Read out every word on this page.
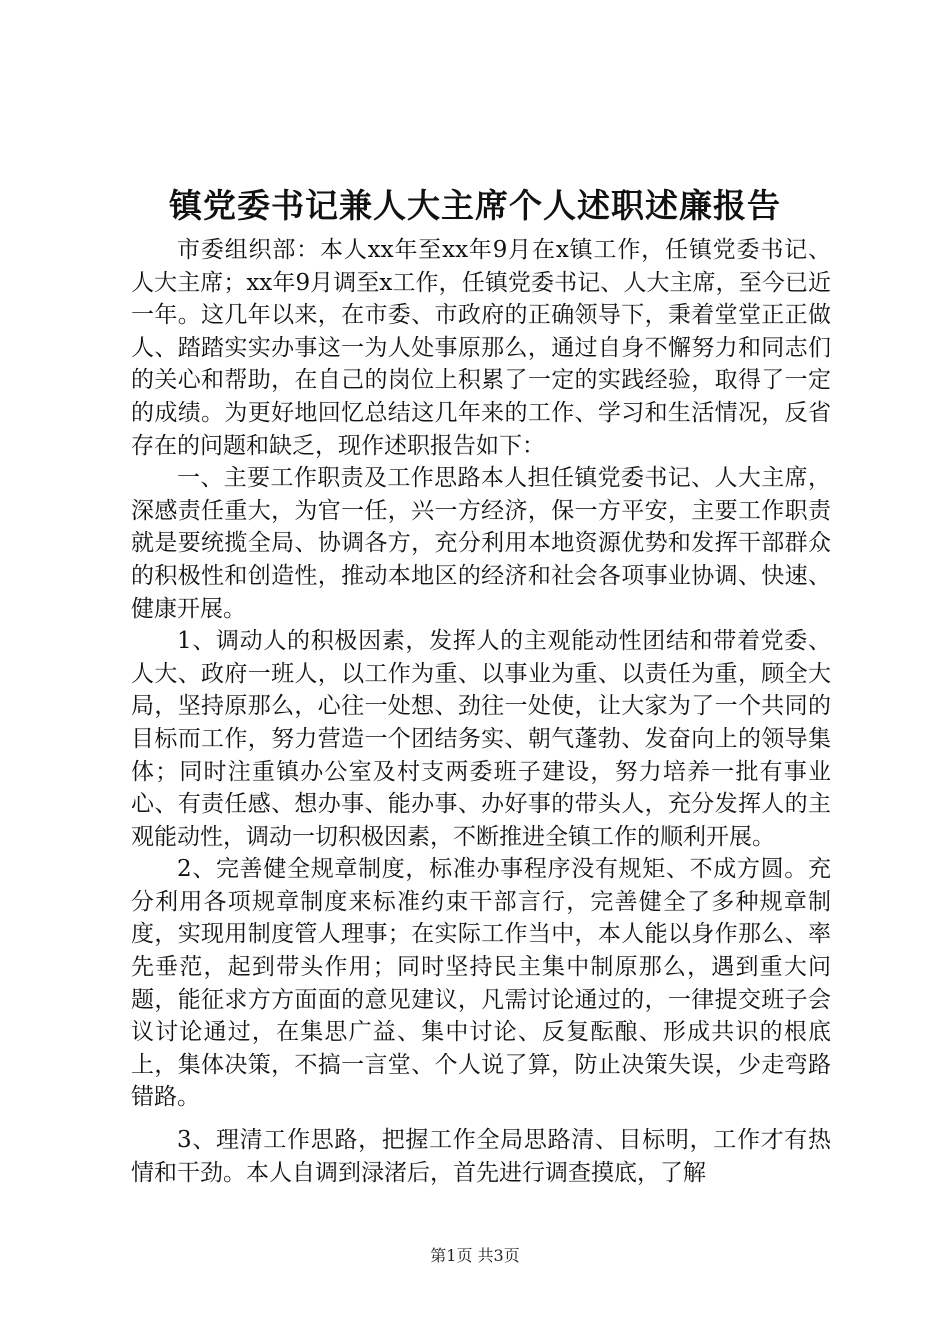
镇党委书记兼人大主席个人述职述廉报告

市委组织部：本人xx年至xx年9月在x镇工作，任镇党委书记、人大主席；xx年9月调至x工作，任镇党委书记、人大主席，至今已近一年。这几年以来，在市委、市政府的正确领导下，秉着堂堂正正做人、踏踏实实办事这一为人处事原那么，通过自身不懈努力和同志们的关心和帮助，在自己的岗位上积累了一定的实践经验，取得了一定的成绩。为更好地回忆总结这几年来的工作、学习和生活情况，反省存在的问题和缺乏，现作述职报告如下：

一、主要工作职责及工作思路本人担任镇党委书记、人大主席，深感责任重大，为官一任，兴一方经济，保一方平安，主要工作职责就是要统揽全局、协调各方，充分利用本地资源优势和发挥干部群众的积极性和创造性，推动本地区的经济和社会各项事业协调、快速、健康开展。

1、调动人的积极因素，发挥人的主观能动性团结和带着党委、人大、政府一班人，以工作为重、以事业为重、以责任为重，顾全大局，坚持原那么，心往一处想、劲往一处使，让大家为了一个共同的目标而工作，努力营造一个团结务实、朝气蓬勃、发奋向上的领导集体；同时注重镇办公室及村支两委班子建设，努力培养一批有事业心、有责任感、想办事、能办事、办好事的带头人，充分发挥人的主观能动性，调动一切积极因素，不断推进全镇工作的顺利开展。

2、完善健全规章制度，标准办事程序没有规矩、不成方圆。充分利用各项规章制度来标准约束干部言行，完善健全了多种规章制度，实现用制度管人理事；在实际工作当中，本人能以身作那么、率先垂范，起到带头作用；同时坚持民主集中制原那么，遇到重大问题，能征求方方面面的意见建议，凡需讨论通过的，一律提交班子会议讨论通过，在集思广益、集中讨论、反复酝酿、形成共识的根底上，集体决策，不搞一言堂、个人说了算，防止决策失误，少走弯路错路。

3、理清工作思路，把握工作全局思路清、目标明，工作才有热情和干劲。本人自调到渌渚后，首先进行调查摸底，了解

第1页 共3页
